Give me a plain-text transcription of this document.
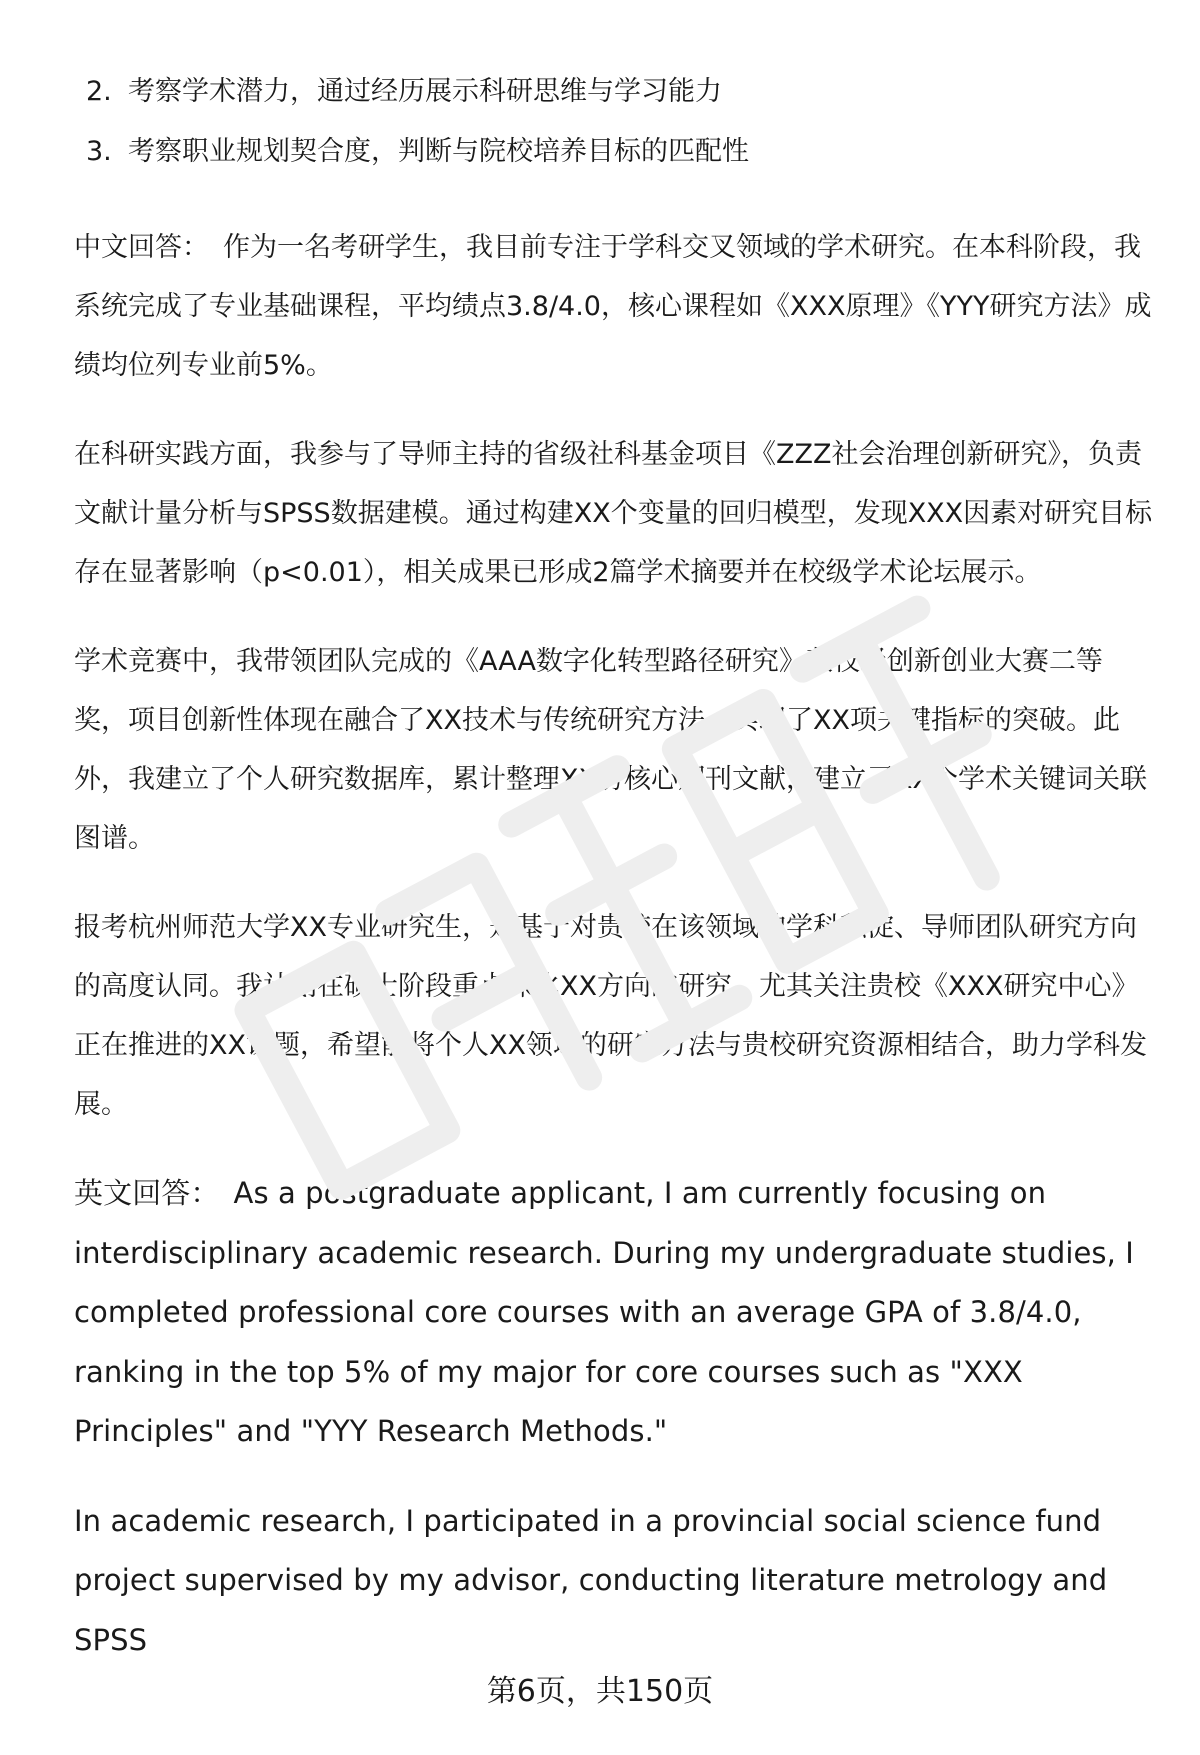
2. 考察学术潜力，通过经历展示科研思维与学习能力
3. 考察职业规划契合度，判断与院校培养目标的匹配性

中文回答： 作为一名考研学生，我目前专注于学科交叉领域的学术研究。在本科阶段，我系统完成了专业基础课程，平均绩点3.8/4.0，核心课程如《XXX原理》《YYY研究方法》成绩均位列专业前5%。

在科研实践方面，我参与了导师主持的省级社科基金项目《ZZZ社会治理创新研究》，负责文献计量分析与SPSS数据建模。通过构建XX个变量的回归模型，发现XXX因素对研究目标存在显著影响（p<0.01），相关成果已形成2篇学术摘要并在校级学术论坛展示。

学术竞赛中，我带领团队完成的《AAA数字化转型路径研究》获校级创新创业大赛二等奖，项目创新性体现在融合了XX技术与传统研究方法，实现了XX项关键指标的突破。此外，我建立了个人研究数据库，累计整理XX份核心期刊文献，建立了XX个学术关键词关联图谱。

报考杭州师范大学XX专业研究生，是基于对贵校在该领域的学科积淀、导师团队研究方向的高度认同。我计划在硕士阶段重点深化XX方向的研究，尤其关注贵校《XXX研究中心》正在推进的XX课题，希望能将个人XX领域的研究方法与贵校研究资源相结合，助力学科发展。

英文回答： As a postgraduate applicant, I am currently focusing on interdisciplinary academic research. During my undergraduate studies, I completed professional core courses with an average GPA of 3.8/4.0, ranking in the top 5% of my major for core courses such as "XXX Principles" and "YYY Research Methods."

In academic research, I participated in a provincial social science fund project supervised by my advisor, conducting literature metrology and SPSS

第6页，共150页
